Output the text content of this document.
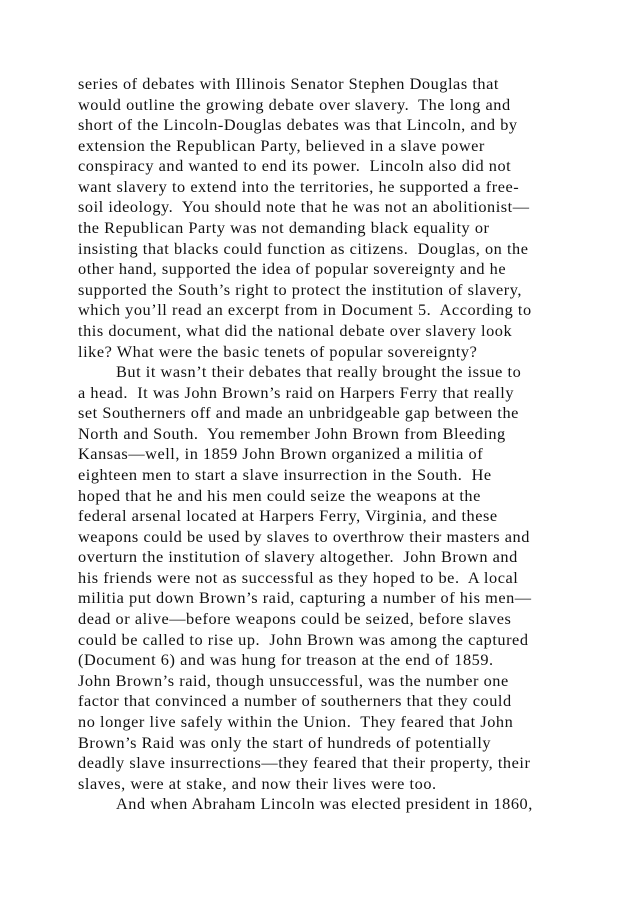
series of debates with Illinois Senator Stephen Douglas that
would outline the growing debate over slavery.  The long and
short of the Lincoln-Douglas debates was that Lincoln, and by
extension the Republican Party, believed in a slave power
conspiracy and wanted to end its power.  Lincoln also did not
want slavery to extend into the territories, he supported a free-
soil ideology.  You should note that he was not an abolitionist—
the Republican Party was not demanding black equality or
insisting that blacks could function as citizens.  Douglas, on the
other hand, supported the idea of popular sovereignty and he
supported the South’s right to protect the institution of slavery,
which you’ll read an excerpt from in Document 5.  According to
this document, what did the national debate over slavery look
like? What were the basic tenets of popular sovereignty?
But it wasn’t their debates that really brought the issue to
a head.  It was John Brown’s raid on Harpers Ferry that really
set Southerners off and made an unbridgeable gap between the
North and South.  You remember John Brown from Bleeding
Kansas—well, in 1859 John Brown organized a militia of
eighteen men to start a slave insurrection in the South.  He
hoped that he and his men could seize the weapons at the
federal arsenal located at Harpers Ferry, Virginia, and these
weapons could be used by slaves to overthrow their masters and
overturn the institution of slavery altogether.  John Brown and
his friends were not as successful as they hoped to be.  A local
militia put down Brown’s raid, capturing a number of his men—
dead or alive—before weapons could be seized, before slaves
could be called to rise up.  John Brown was among the captured
(Document 6) and was hung for treason at the end of 1859.
John Brown’s raid, though unsuccessful, was the number one
factor that convinced a number of southerners that they could
no longer live safely within the Union.  They feared that John
Brown’s Raid was only the start of hundreds of potentially
deadly slave insurrections—they feared that their property, their
slaves, were at stake, and now their lives were too.
And when Abraham Lincoln was elected president in 1860,
